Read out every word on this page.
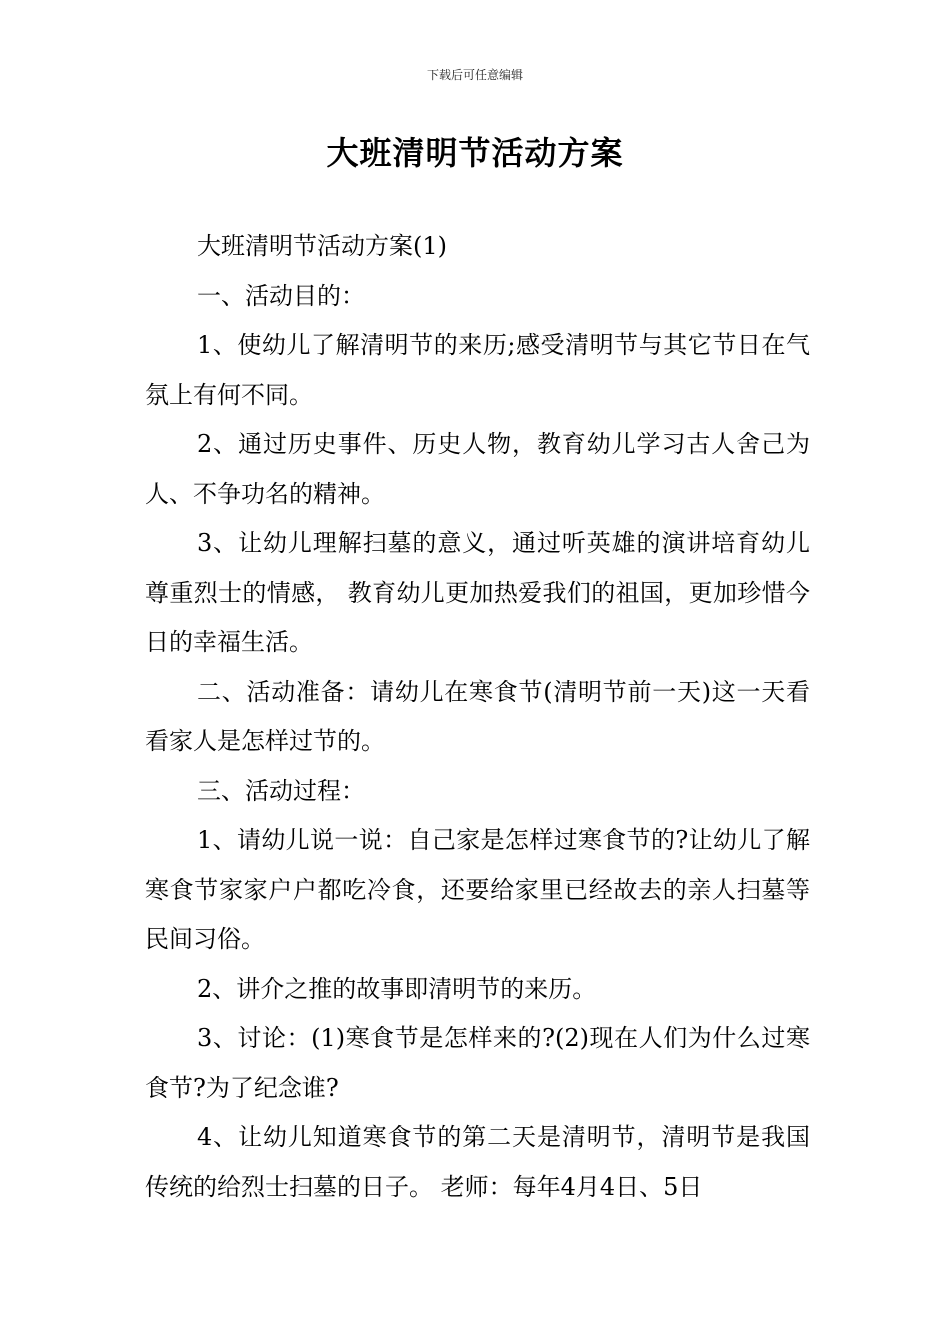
下载后可任意编辑
大班清明节活动方案

大班清明节活动方案(1)

一、活动目的：

1、使幼儿了解清明节的来历;感受清明节与其它节日在气氛上有何不同。

2、通过历史事件、历史人物，教育幼儿学习古人舍己为人、不争功名的精神。

3、让幼儿理解扫墓的意义，通过听英雄的演讲培育幼儿尊重烈士的情感， 教育幼儿更加热爱我们的祖国，更加珍惜今日的幸福生活。

二、活动准备：请幼儿在寒食节(清明节前一天)这一天看看家人是怎样过节的。

三、活动过程：

1、请幼儿说一说：自己家是怎样过寒食节的?让幼儿了解寒食节家家户户都吃冷食，还要给家里已经故去的亲人扫墓等民间习俗。

2、讲介之推的故事即清明节的来历。

3、讨论：(1)寒食节是怎样来的?(2)现在人们为什么过寒食节?为了纪念谁?

4、让幼儿知道寒食节的第二天是清明节，清明节是我国传统的给烈士扫墓的日子。 老师：每年4月4日、5日
